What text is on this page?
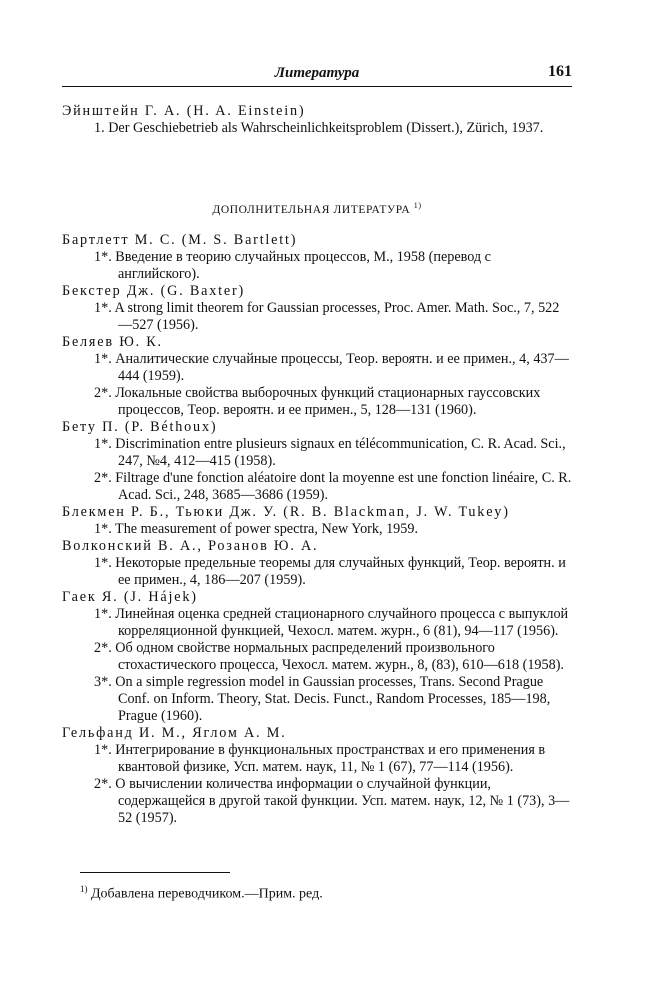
Литература	161
Эйнштейн Г. А. (H. A. Einstein)
1. Der Geschiebetrieb als Wahrscheinlichkeitsproblem (Dissert.), Zürich, 1937.
ДОПОЛНИТЕЛЬНАЯ ЛИТЕРАТУРА $^{1)}$
Бартлетт М. С. (M. S. Bartlett)
1*. Введение в теорию случайных процессов, М., 1958 (перевод с английского).
Бекстер Дж. (G. Baxter)
1*. A strong limit theorem for Gaussian processes, Proc. Amer. Math. Soc., 7, 522—527 (1956).
Беляев Ю. К.
1*. Аналитические случайные процессы, Теор. вероятн. и ее примен., 4, 437—444 (1959).
2*. Локальные свойства выборочных функций стационарных гауссовских процессов, Теор. вероятн. и ее примен., 5, 128—131 (1960).
Бету П. (P. Béthoux)
1*. Discrimination entre plusieurs signaux en télécommunication, C. R. Acad. Sci., 247, №4, 412—415 (1958).
2*. Filtrage d'une fonction aléatoire dont la moyenne est une fonction linéaire, C. R. Acad. Sci., 248, 3685—3686 (1959).
Блекмен Р. Б., Тьюки Дж. У. (R. B. Blackman, J. W. Tukey)
1*. The measurement of power spectra, New York, 1959.
Волконский В. А., Розанов Ю. А.
1*. Некоторые предельные теоремы для случайных функций, Теор. вероятн. и ее примен., 4, 186—207 (1959).
Гаек Я. (J. Hájek)
1*. Линейная оценка средней стационарного случайного процесса с выпуклой корреляционной функцией, Чехосл. матем. журн., 6 (81), 94—117 (1956).
2*. Об одном свойстве нормальных распределений произвольного стохастического процесса, Чехосл. матем. журн., 8, (83), 610—618 (1958).
3*. On a simple regression model in Gaussian processes, Trans. Second Prague Conf. on Inform. Theory, Stat. Decis. Funct., Random Processes, 185—198, Prague (1960).
Гельфанд И. М., Яглом А. М.
1*. Интегрирование в функциональных пространствах и его применения в квантовой физике, Усп. матем. наук, 11, № 1 (67), 77—114 (1956).
2*. О вычислении количества информации о случайной функции, содержащейся в другой такой функции. Усп. матем. наук, 12, № 1 (73), 3—52 (1957).
$^{1)}$ Добавлена переводчиком.—Прим. ред.
